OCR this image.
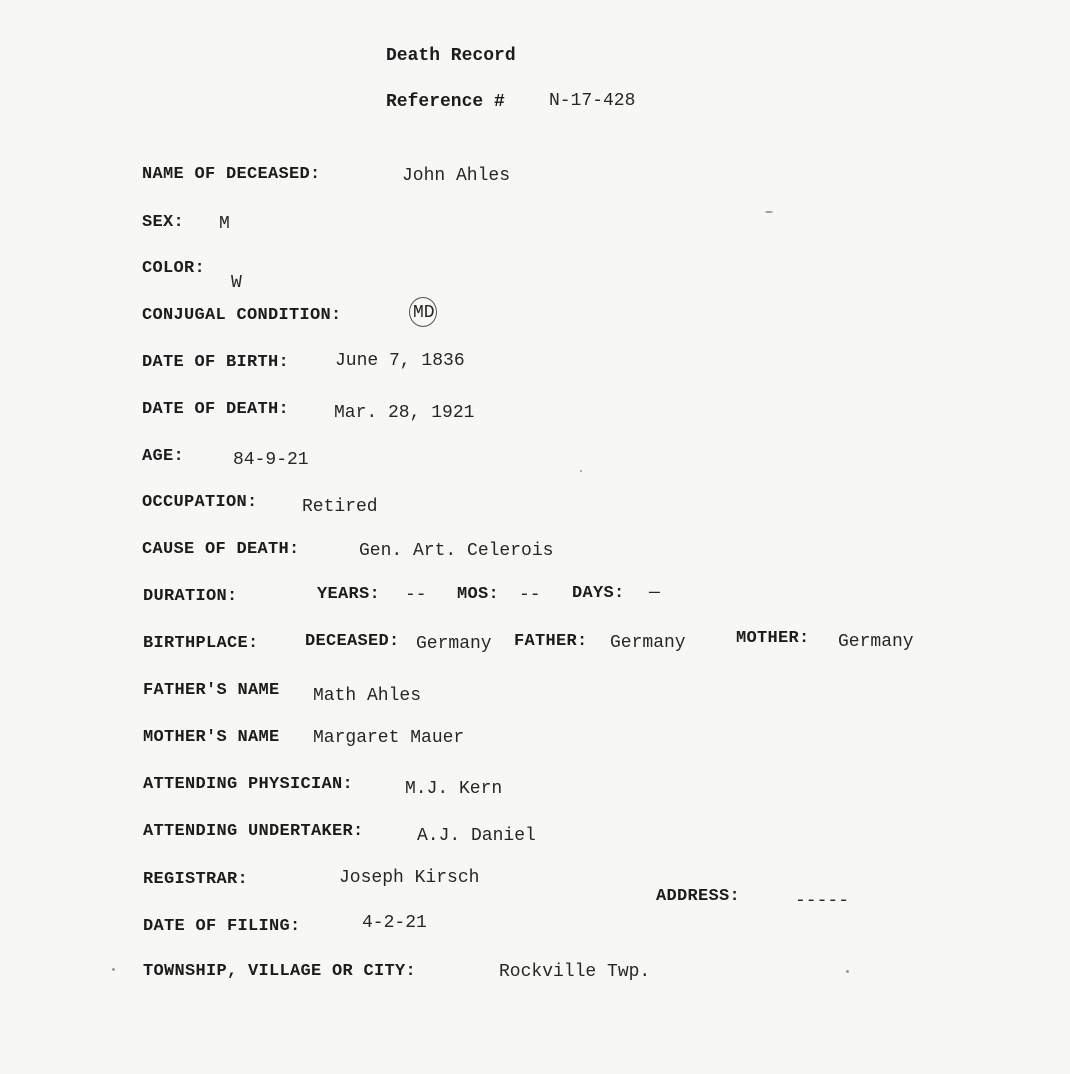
Death Record
Reference # N-17-428
NAME OF DECEASED:	John Ahles
SEX: M
COLOR:
W
CONJUGAL CONDITION:	MD
DATE OF BIRTH:	June 7, 1836
DATE OF DEATH: Mar. 28, 1921
AGE:	84-9-21
OCCUPATION: Retired
CAUSE OF DEATH:	Gen. Art. Celerois
DURATION:	YEARS: -- MOS: -- DAYS: —
BIRTHPLACE:	DECEASED: Germany FATHER: Germany	MOTHER: Germany
FATHER'S NAME Math Ahles
MOTHER'S NAME Margaret Mauer
ATTENDING PHYSICIAN:	M.J. Kern
ATTENDING UNDERTAKER:	A.J. Daniel
REGISTRAR:	Joseph Kirsch
ADDRESS:	-----
DATE OF FILING:	4-2-21
TOWNSHIP, VILLAGE OR CITY:	Rockville Twp.
